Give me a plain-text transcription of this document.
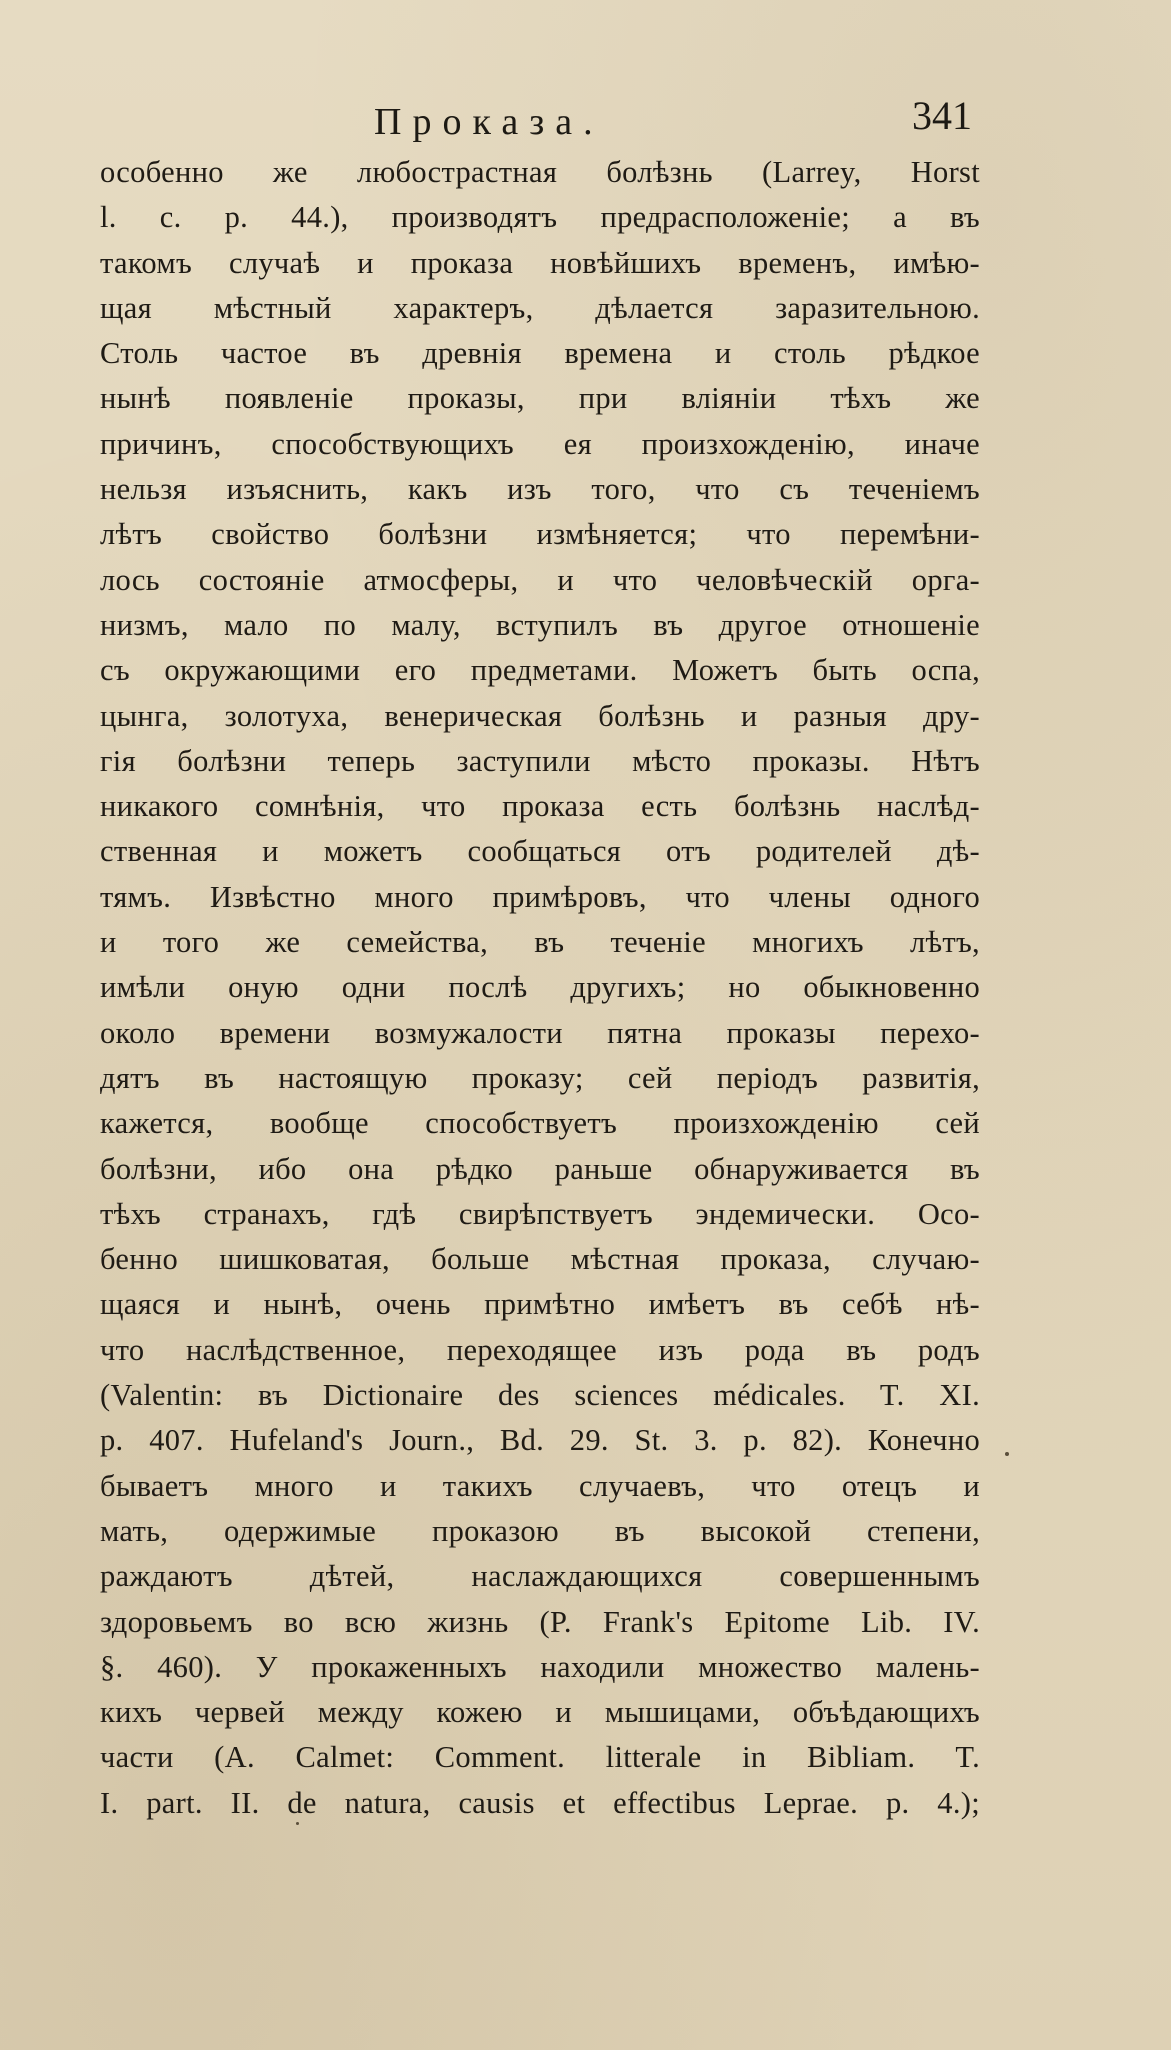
Проказа.	341
особенно же любострастная болѣзнь (Larrey, Horst
l. c. p. 44.), производятъ предрасположеніе; а въ
такомъ случаѣ и проказа новѣйшихъ временъ, имѣю-
щая мѣстный характеръ, дѣлается заразительною.
Столь частое въ древнія времена и столь рѣдкое
нынѣ появленіе проказы, при вліяніи тѣхъ же
причинъ, способствующихъ ея произхожденію, иначе
нельзя изъяснить, какъ изъ того, что съ теченіемъ
лѣтъ свойство болѣзни измѣняется; что перемѣни-
лось состояніе атмосферы, и что человѣческій орга-
низмъ, мало по малу, вступилъ въ другое отношеніе
съ окружающими его предметами. Можетъ быть оспа,
цынга, золотуха, венерическая болѣзнь и разныя дру-
гія болѣзни теперь заступили мѣсто проказы. Нѣтъ
никакого сомнѣнія, что проказа есть болѣзнь наслѣд-
ственная и можетъ сообщаться отъ родителей дѣ-
тямъ. Извѣстно много примѣровъ, что члены одного
и того же семейства, въ теченіе многихъ лѣтъ,
имѣли оную одни послѣ другихъ; но обыкновенно
около времени возмужалости пятна проказы перехо-
дятъ въ настоящую проказу; сей періодъ развитія,
кажется, вообще способствуетъ произхожденію сей
болѣзни, ибо она рѣдко раньше обнаруживается въ
тѣхъ странахъ, гдѣ свирѣпствуетъ эндемически. Осо-
бенно шишковатая, больше мѣстная проказа, случаю-
щаяся и нынѣ, очень примѣтно имѣетъ въ себѣ нѣ-
что наслѣдственное, переходящее изъ рода въ родъ
(Valentin: въ Dictionaire des sciences médicales. T. XI.
p. 407. Hufeland's Journ., Bd. 29. St. 3. p. 82). Конечно
бываетъ много и такихъ случаевъ, что отецъ и
мать, одержимые проказою въ высокой степени,
раждаютъ дѣтей, наслаждающихся совершеннымъ
здоровьемъ во всю жизнь (P. Frank's Epitome Lib. IV.
§. 460). У прокаженныхъ находили множество малень-
кихъ червей между кожею и мышицами, объѣдающихъ
части (A. Calmet: Comment. litterale in Bibliam. T.
I. part. II. de natura, causis et effectibus Leprae. p. 4.);
